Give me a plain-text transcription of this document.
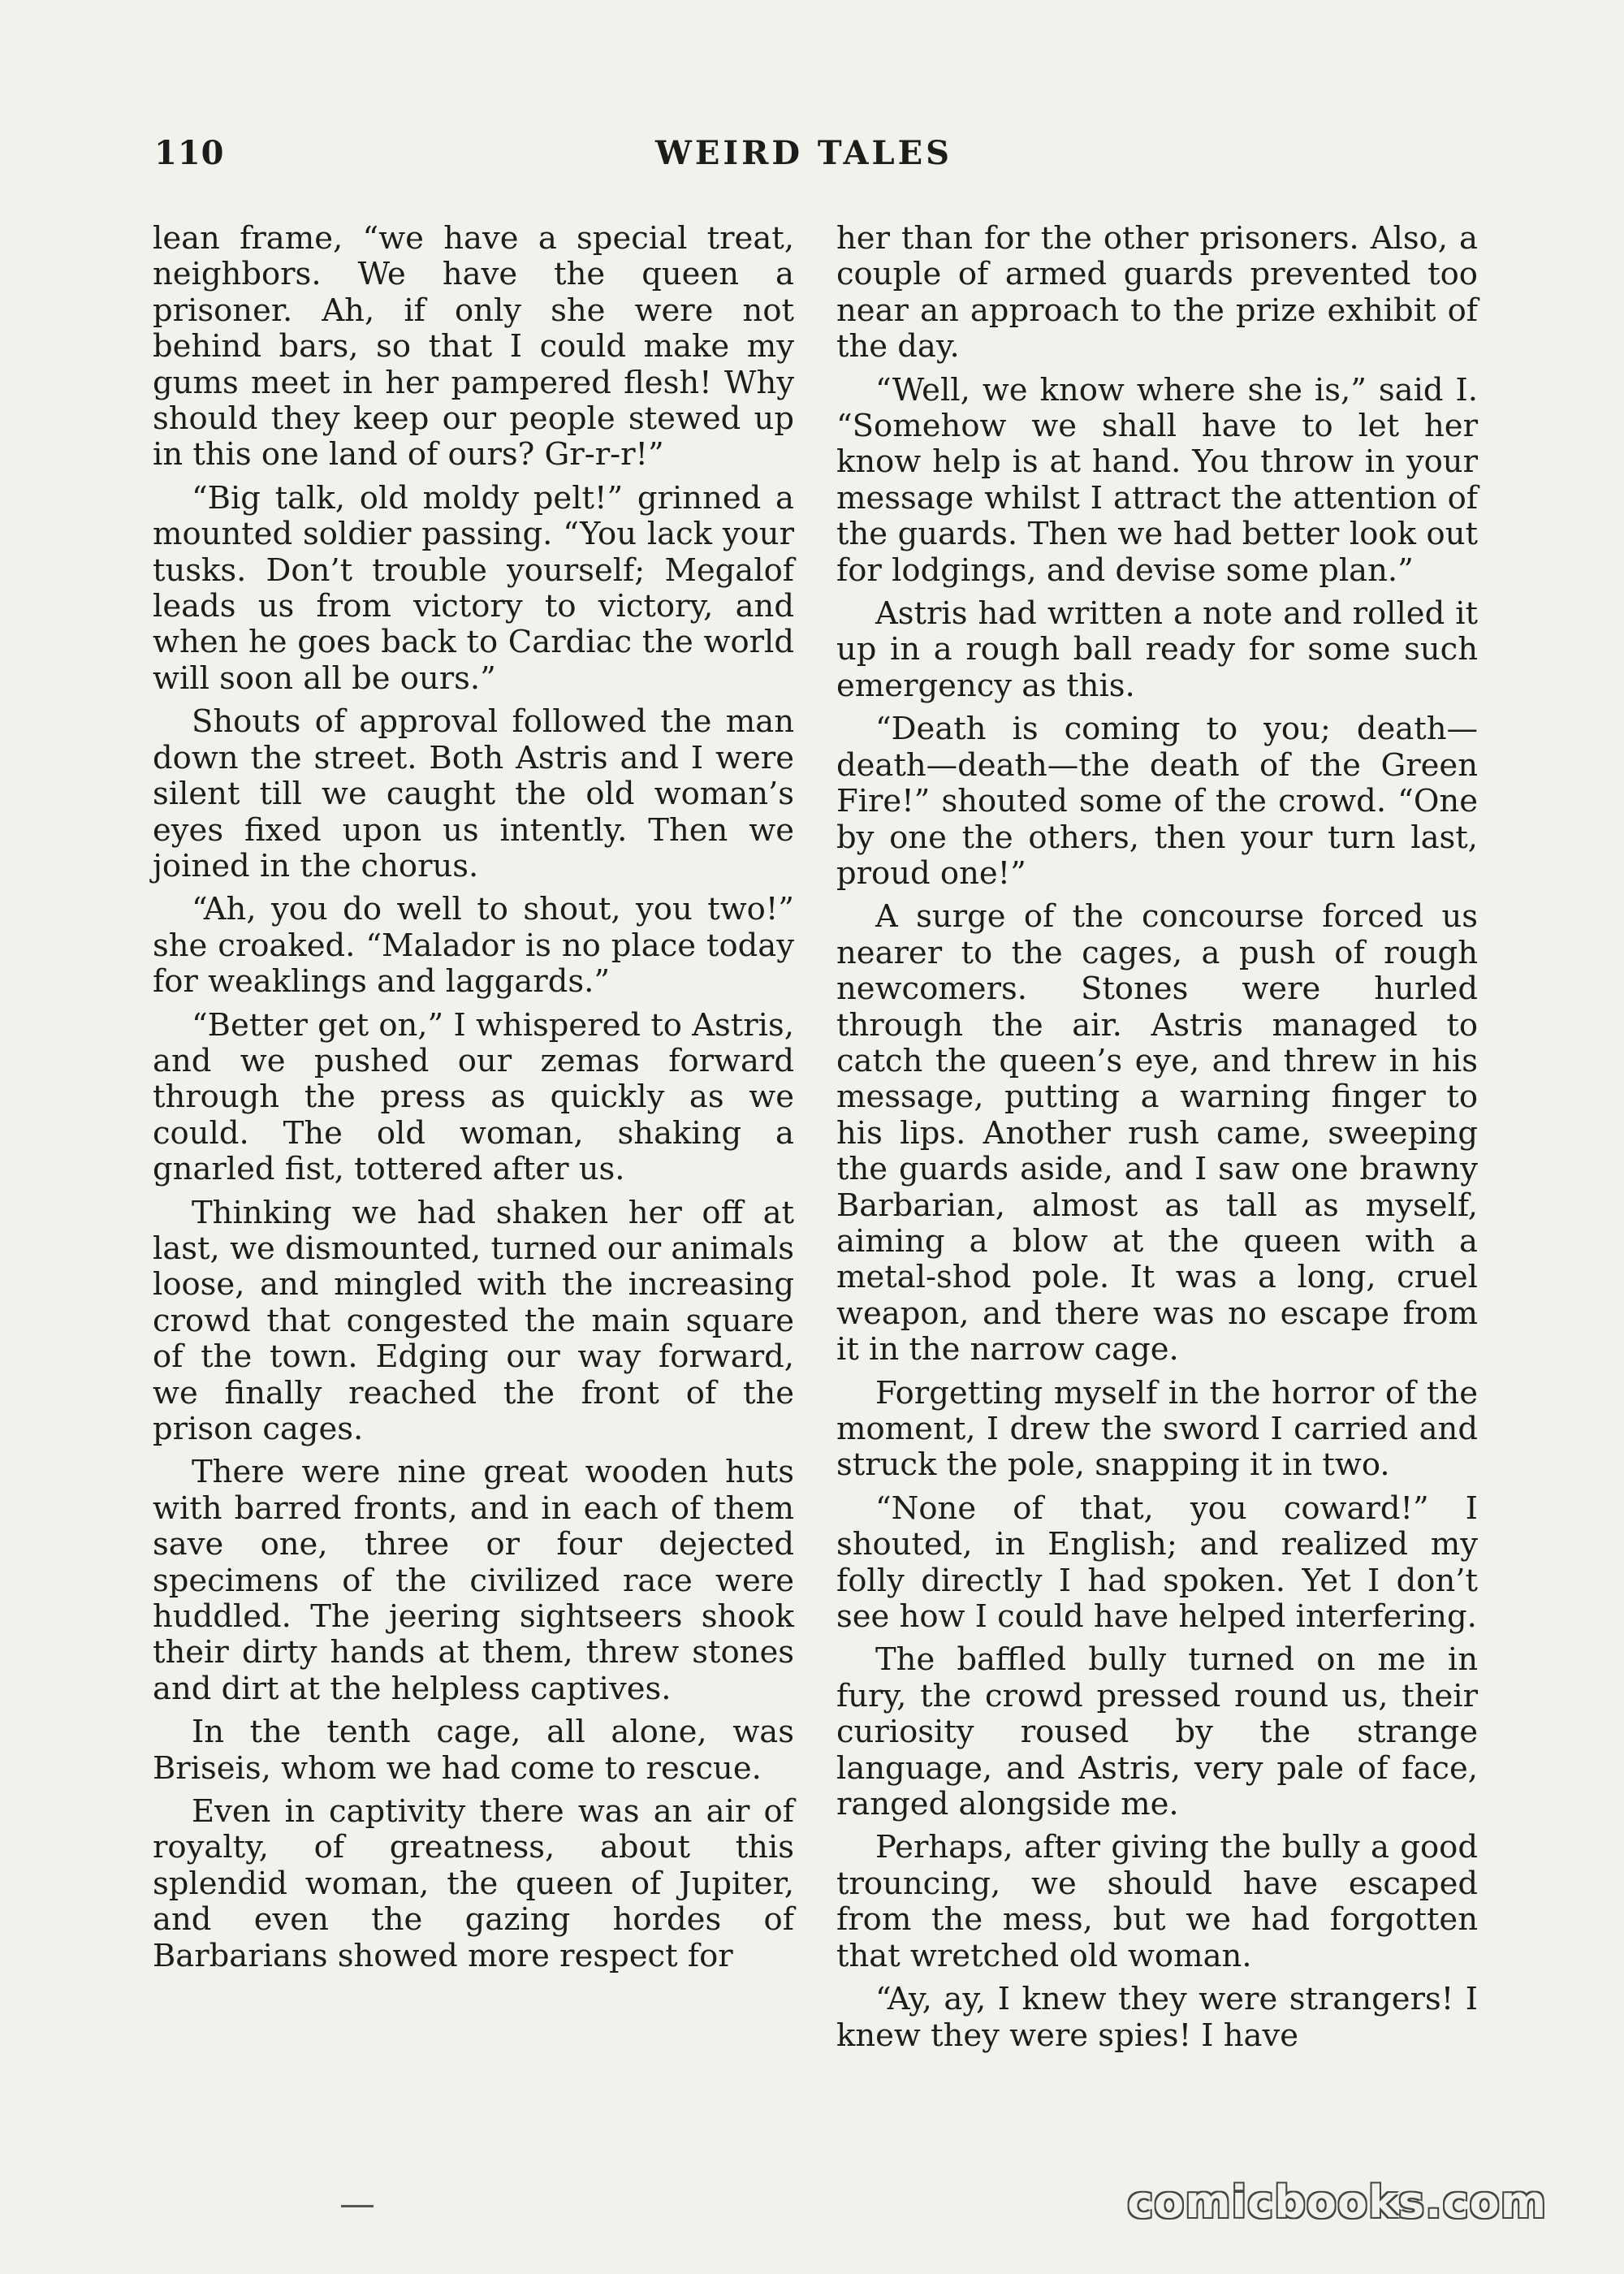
110	WEIRD TALES

lean frame, “we have a special treat, neighbors. We have the queen a prisoner. Ah, if only she were not behind bars, so that I could make my gums meet in her pampered flesh! Why should they keep our people stewed up in this one land of ours? Gr-r-r!”

“Big talk, old moldy pelt!” grinned a mounted soldier passing. “You lack your tusks. Don’t trouble yourself; Megalof leads us from victory to victory, and when he goes back to Cardiac the world will soon all be ours.”

Shouts of approval followed the man down the street. Both Astris and I were silent till we caught the old woman’s eyes fixed upon us intently. Then we joined in the chorus.

“Ah, you do well to shout, you two!” she croaked. “Malador is no place today for weaklings and laggards.”

“Better get on,” I whispered to Astris, and we pushed our zemas forward through the press as quickly as we could. The old woman, shaking a gnarled fist, tottered after us.

Thinking we had shaken her off at last, we dismounted, turned our animals loose, and mingled with the increasing crowd that congested the main square of the town. Edging our way forward, we finally reached the front of the prison cages.

There were nine great wooden huts with barred fronts, and in each of them save one, three or four dejected specimens of the civilized race were huddled. The jeering sightseers shook their dirty hands at them, threw stones and dirt at the helpless captives.

In the tenth cage, all alone, was Briseis, whom we had come to rescue.

Even in captivity there was an air of royalty, of greatness, about this splendid woman, the queen of Jupiter, and even the gazing hordes of Barbarians showed more respect for

her than for the other prisoners. Also, a couple of armed guards prevented too near an approach to the prize exhibit of the day.

“Well, we know where she is,” said I. “Somehow we shall have to let her know help is at hand. You throw in your message whilst I attract the attention of the guards. Then we had better look out for lodgings, and devise some plan.”

Astris had written a note and rolled it up in a rough ball ready for some such emergency as this.

“Death is coming to you; death—death—death—the death of the Green Fire!” shouted some of the crowd. “One by one the others, then your turn last, proud one!”

A surge of the concourse forced us nearer to the cages, a push of rough newcomers. Stones were hurled through the air. Astris managed to catch the queen’s eye, and threw in his message, putting a warning finger to his lips. Another rush came, sweeping the guards aside, and I saw one brawny Barbarian, almost as tall as myself, aiming a blow at the queen with a metal-shod pole. It was a long, cruel weapon, and there was no escape from it in the narrow cage.

Forgetting myself in the horror of the moment, I drew the sword I carried and struck the pole, snapping it in two.

“None of that, you coward!” I shouted, in English; and realized my folly directly I had spoken. Yet I don’t see how I could have helped interfering.

The baffled bully turned on me in fury, the crowd pressed round us, their curiosity roused by the strange language, and Astris, very pale of face, ranged alongside me.

Perhaps, after giving the bully a good trouncing, we should have escaped from the mess, but we had forgotten that wretched old woman.

“Ay, ay, I knew they were strangers! I knew they were spies! I have

comicbooks.com
